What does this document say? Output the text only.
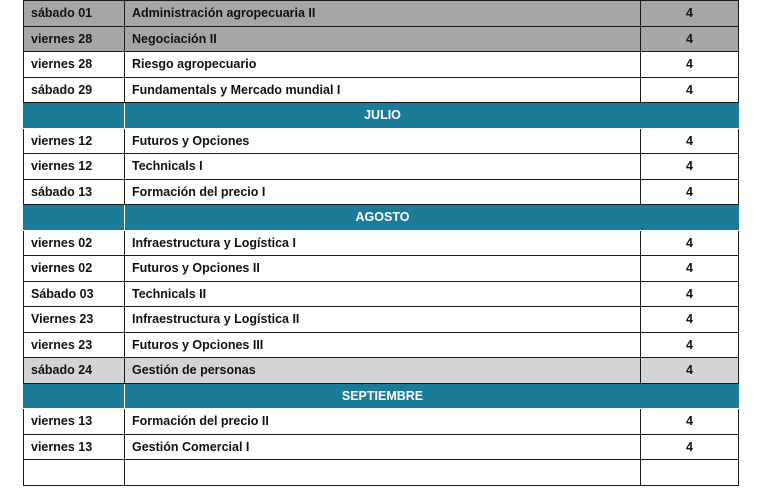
sábado 01	Administración agropecuaria II	4
viernes 28	Negociación II	4
viernes 28	Riesgo agropecuario	4
sábado 29	Fundamentals y Mercado mundial I	4
	JULIO	
viernes 12	Futuros y Opciones	4
viernes 12	Technicals I	4
sábado 13	Formación del precio I	4
	AGOSTO	
viernes 02	Infraestructura y Logística I	4
viernes 02	Futuros y Opciones II	4
Sábado 03	Technicals II	4
Viernes 23	Infraestructura y Logística II	4
viernes 23	Futuros y Opciones III	4
sábado 24	Gestión de personas	4
	SEPTIEMBRE	
viernes 13	Formación del precio II	4
viernes 13	Gestión Comercial I	4
